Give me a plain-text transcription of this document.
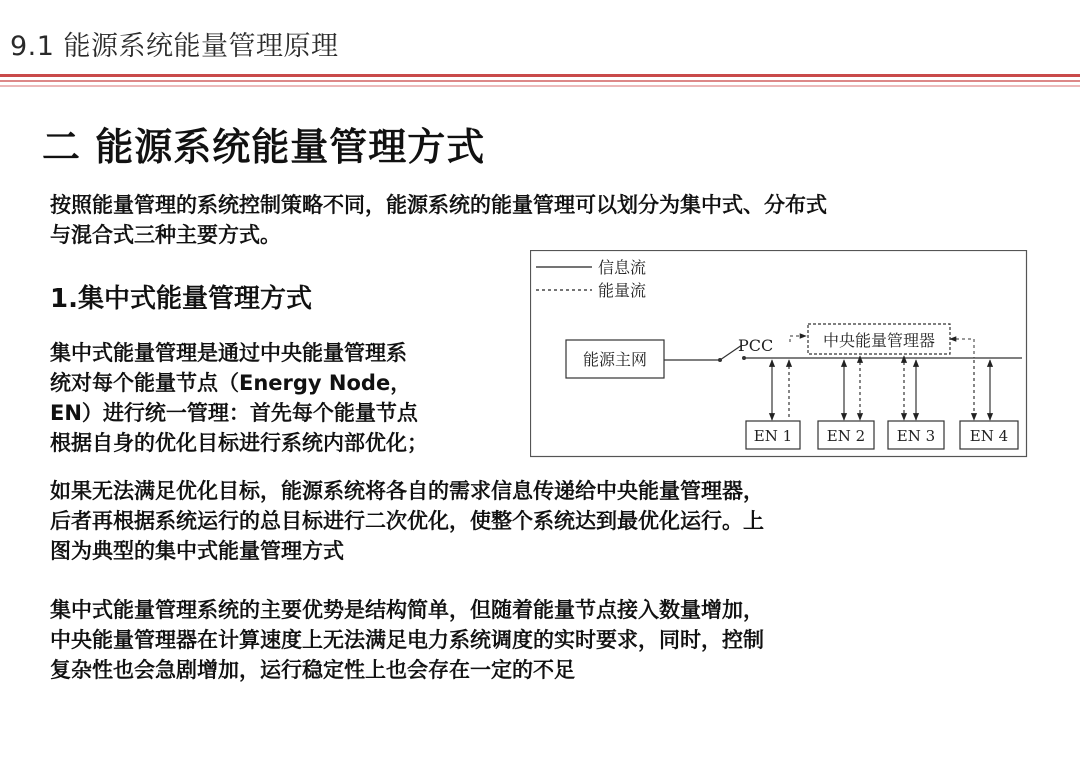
9.1 能源系统能量管理原理
二 能源系统能量管理方式
按照能量管理的系统控制策略不同，能源系统的能量管理可以划分为集中式、分布式
与混合式三种主要方式。
1.集中式能量管理方式
集中式能量管理是通过中央能量管理系
统对每个能量节点（Energy Node，
EN）进行统一管理：首先每个能量节点
根据自身的优化目标进行系统内部优化；
如果无法满足优化目标，能源系统将各自的需求信息传递给中央能量管理器，
后者再根据系统运行的总目标进行二次优化，使整个系统达到最优化运行。上
图为典型的集中式能量管理方式
集中式能量管理系统的主要优势是结构简单，但随着能量节点接入数量增加，
中央能量管理器在计算速度上无法满足电力系统调度的实时要求，同时，控制
复杂性也会急剧增加，运行稳定性上也会存在一定的不足
信息流
能量流
能源主网
PCC	中央能量管理器
EN 1 EN 2 EN 3 EN 4
